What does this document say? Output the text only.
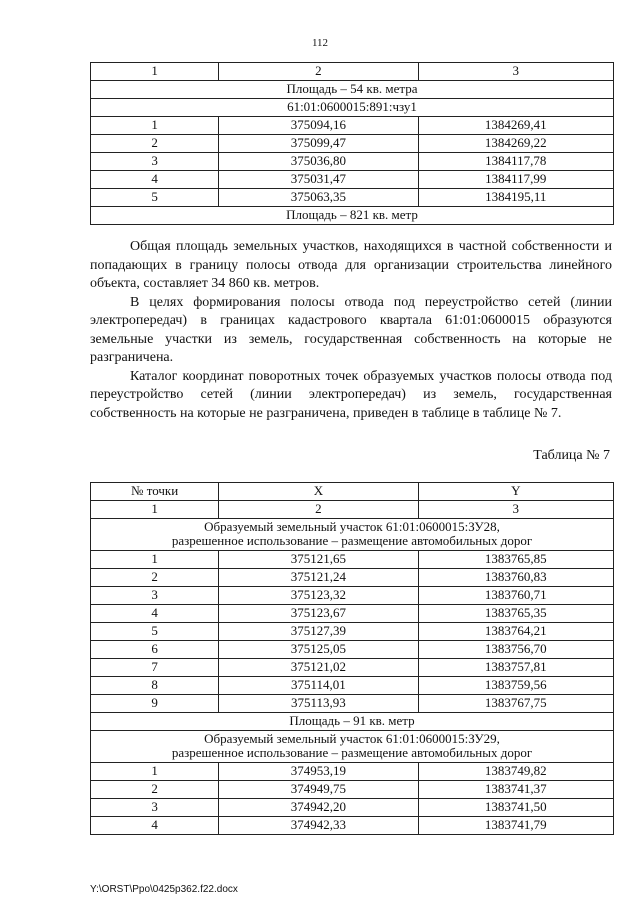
112
1	2	3
Площадь – 54 кв. метра		
61:01:0600015:891:чзу1		
1	375094,16	1384269,41
2	375099,47	1384269,22
3	375036,80	1384117,78
4	375031,47	1384117,99
5	375063,35	1384195,11
Площадь – 821 кв. метр		

Общая площадь земельных участков, находящихся в частной собственности и попадающих в границу полосы отвода для организации строительства линейного объекта, составляет 34 860 кв. метров.

В целях формирования полосы отвода под переустройство сетей (линии электропередач) в границах кадастрового квартала 61:01:0600015 образуются земельные участки из земель, государственная собственность на которые не разграничена.

Каталог координат поворотных точек образуемых участков полосы отвода под переустройство сетей (линии электропередач) из земель, государственная собственность на которые не разграничена, приведен в таблице в таблице № 7.

Таблица № 7
№ точки	X	Y
1	2	3

Образуемый земельный участок 61:01:0600015:ЗУ28,
разрешенное использование – размещение автомобильных дорог		

1	375121,65	1383765,85
2	375121,24	1383760,83
3	375123,32	1383760,71
4	375123,67	1383765,35
5	375127,39	1383764,21
6	375125,05	1383756,70
7	375121,02	1383757,81
8	375114,01	1383759,56
9	375113,93	1383767,75
Площадь – 91 кв. метр		

Образуемый земельный участок 61:01:0600015:ЗУ29,
разрешенное использование – размещение автомобильных дорог		

1	374953,19	1383749,82
2	374949,75	1383741,37
3	374942,20	1383741,50
4	374942,33	1383741,79
Y:\ORST\Ppo\0425p362.f22.docx
